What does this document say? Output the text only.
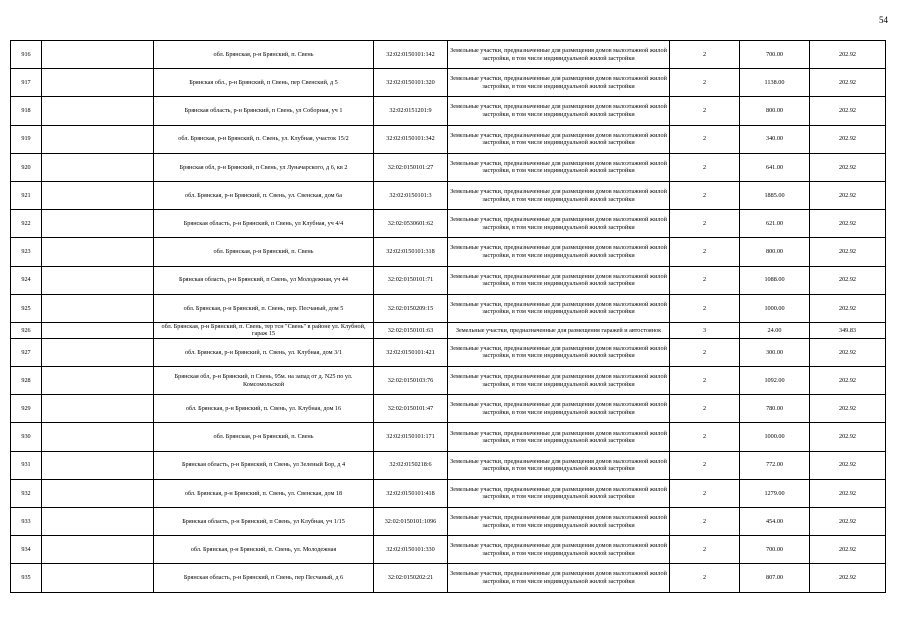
54
916		обл. Брянская, р-н Брянский, п. Свень	32:02:0150101:142	Земельные участки, предназначенные для размещения домов малоэтажной жилой застройки, в том числе индивидуальной жилой застройки	2	700.00	202.92	
917		Брянская обл., р-н Брянский, п Свень, пер Свенский, д 5	32:02:0150101:320	Земельные участки, предназначенные для размещения домов малоэтажной жилой застройки, в том числе индивидуальной жилой застройки	2	1138.00	202.92	
918		Брянская область, р-н Брянский, п Свень, ул Соборная, уч 1	32:02:0151201:9	Земельные участки, предназначенные для размещения домов малоэтажной жилой застройки, в том числе индивидуальной жилой застройки	2	800.00	202.92	
919		обл. Брянская, р-н Брянский, п. Свень, ул. Клубная, участок 15/2	32:02:0150101:342	Земельные участки, предназначенные для размещения домов малоэтажной жилой застройки, в том числе индивидуальной жилой застройки	2	340.00	202.92	
920		Брянская обл, р-н Брянский, п Свень, ул Луначарского, д 6, кв 2	32:02:0150101:27	Земельные участки, предназначенные для размещения домов малоэтажной жилой застройки, в том числе индивидуальной жилой застройки	2	641.00	202.92	
921		обл. Брянская, р-н Брянский, п. Свень, ул. Свенская, дом 6а	32:02:0150101:3	Земельные участки, предназначенные для размещения домов малоэтажной жилой застройки, в том числе индивидуальной жилой застройки	2	1885.00	202.92	
922		Брянская область, р-н Брянский, п Свень, ул Клубная, уч 4/4	32:02:0530601:62	Земельные участки, предназначенные для размещения домов малоэтажной жилой застройки, в том числе индивидуальной жилой застройки	2	621.00	202.92	
923		обл. Брянская, р-н Брянский, п. Свень	32:02:0150101:318	Земельные участки, предназначенные для размещения домов малоэтажной жилой застройки, в том числе индивидуальной жилой застройки	2	800.00	202.92	
924		Брянская область, р-н Брянский, п Свень, ул Молодежная, уч 44	32:02:0150101:71	Земельные участки, предназначенные для размещения домов малоэтажной жилой застройки, в том числе индивидуальной жилой застройки	2	1088.00	202.92	
925		обл. Брянская, р-н Брянский, п. Свень, пер. Песчаный, дом 5	32:02:0150209:15	Земельные участки, предназначенные для размещения домов малоэтажной жилой застройки, в том числе индивидуальной жилой застройки	2	1000.00	202.92	
926		обл. Брянская, р-н Брянский, п. Свень, тер тсн "Свень" в районе ул. Клубной, гараж 15	32:02:0150101:63	Земельные участки, предназначенные для размещения гаражей и автостоянок	3	24.00	349.83	
927		обл. Брянская, р-н Брянский, п. Свень, ул. Клубная, дом 3/1	32:02:0150101:421	Земельные участки, предназначенные для размещения домов малоэтажной жилой застройки, в том числе индивидуальной жилой застройки	2	300.00	202.92	
928		Брянская обл, р-н Брянский, п Свень, 95м. на запад от д. N25 по ул. Комсомольской	32:02:0150103:76	Земельные участки, предназначенные для размещения домов малоэтажной жилой застройки, в том числе индивидуальной жилой застройки	2	1092.00	202.92	
929		обл. Брянская, р-н Брянский, п. Свень, ул. Клубная, дом 16	32:02:0150101:47	Земельные участки, предназначенные для размещения домов малоэтажной жилой застройки, в том числе индивидуальной жилой застройки	2	780.00	202.92	
930		обл. Брянская, р-н Брянский, п. Свень	32:02:0150101:171	Земельные участки, предназначенные для размещения домов малоэтажной жилой застройки, в том числе индивидуальной жилой застройки	2	1000.00	202.92	
931		Брянская область, р-н Брянский, п Свень, ул Зеленый Бор, д 4	32:02:0150218:6	Земельные участки, предназначенные для размещения домов малоэтажной жилой застройки, в том числе индивидуальной жилой застройки	2	772.00	202.92	
932		обл. Брянская, р-н Брянский, п. Свень, ул. Свенская, дом 18	32:02:0150101:418	Земельные участки, предназначенные для размещения домов малоэтажной жилой застройки, в том числе индивидуальной жилой застройки	2	1279.00	202.92	
933		Брянская область, р-н Брянский, п Свень, ул Клубная, уч 1/15	32:02:0150101:1096	Земельные участки, предназначенные для размещения домов малоэтажной жилой застройки, в том числе индивидуальной жилой застройки	2	454.00	202.92	
934		обл. Брянская, р-н Брянский, п. Свень, ул. Молодежная	32:02:0150101:330	Земельные участки, предназначенные для размещения домов малоэтажной жилой застройки, в том числе индивидуальной жилой застройки	2	700.00	202.92	
935		Брянская область, р-н Брянский, п Свень, пер Песчаный, д 6	32:02:0150202:21	Земельные участки, предназначенные для размещения домов малоэтажной жилой застройки, в том числе индивидуальной жилой застройки	2	807.00	202.92	
